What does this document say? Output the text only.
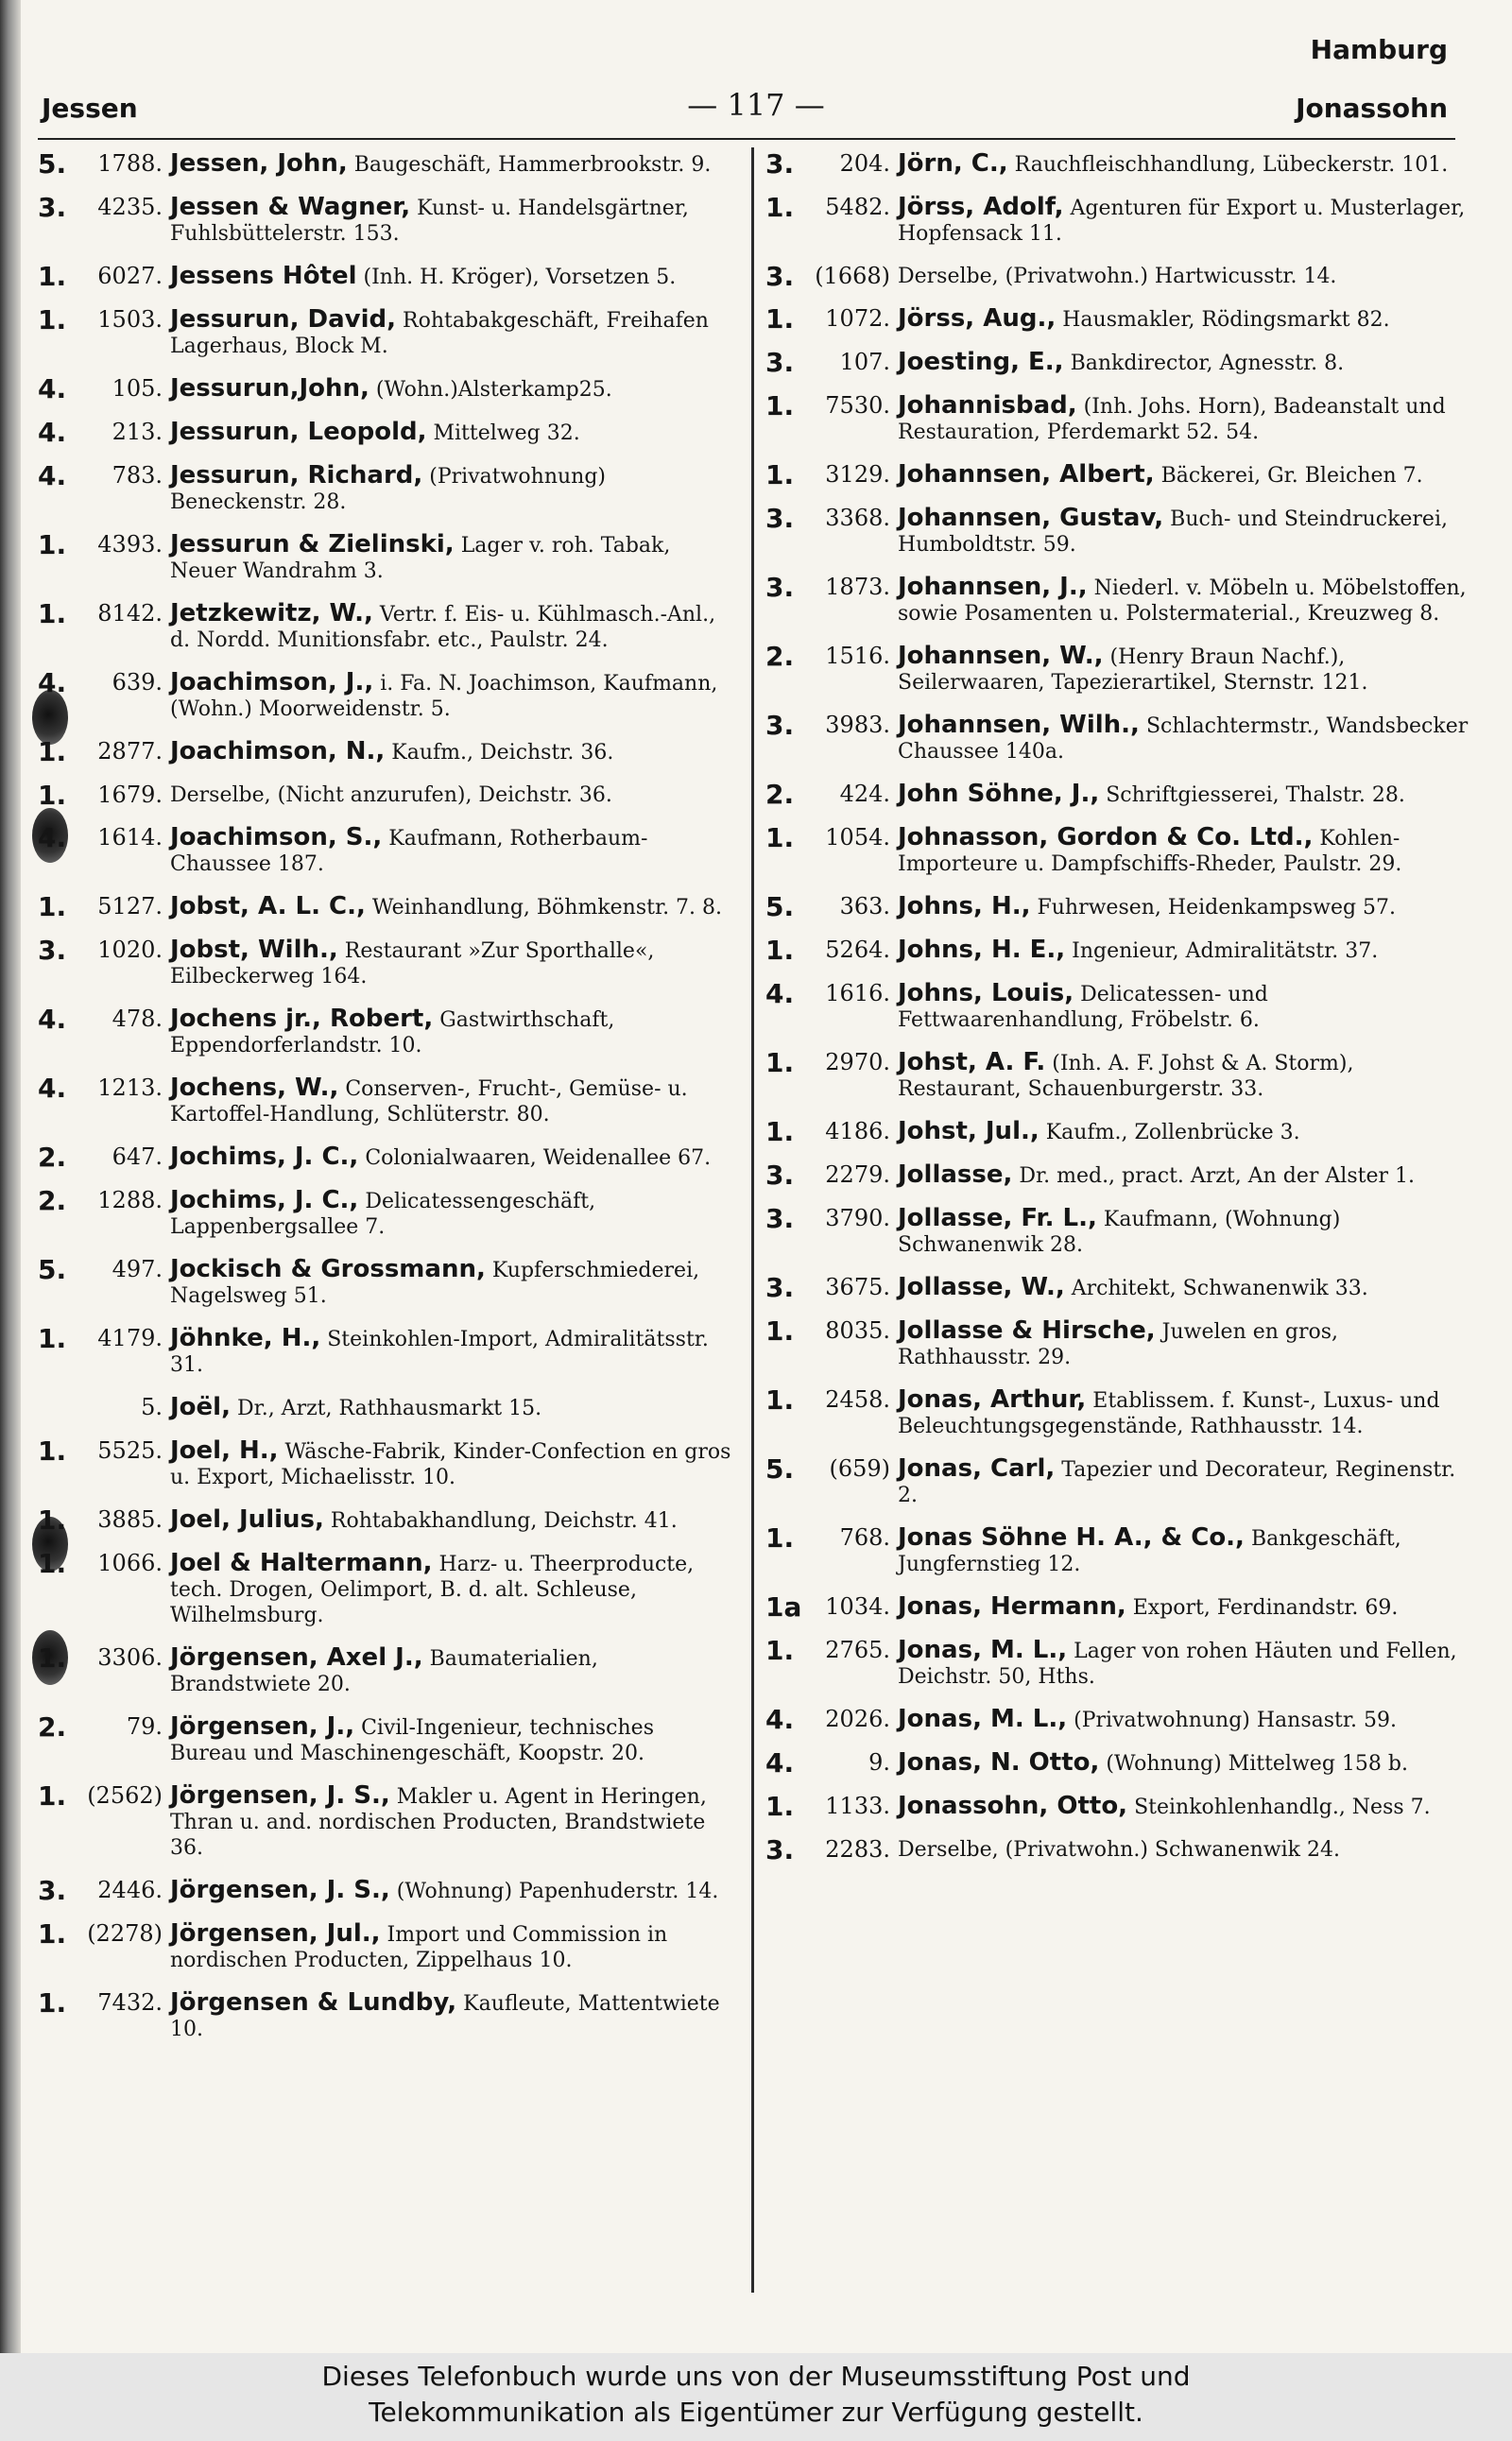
Hamburg
Jessen	— 117 —	Jonassohn
5.	1788. Jessen, John, Baugeschäft, Hammerbrookstr. 9.
3.	4235. Jessen & Wagner, Kunst- u. Handelsgärtner, Fuhlsbüttelerstr. 153.
1.	6027. Jessens Hôtel (Inh. H. Kröger), Vorsetzen 5.
1.	1503. Jessurun, David, Rohtabakgeschäft, Freihafen Lagerhaus, Block M.
4.	105. Jessurun,John, (Wohn.)Alsterkamp25.
4.	213. Jessurun, Leopold, Mittelweg 32.
4.	783. Jessurun, Richard, (Privatwohnung) Beneckenstr. 28.
1.	4393. Jessurun & Zielinski, Lager v. roh. Tabak, Neuer Wandrahm 3.
1.	8142. Jetzkewitz, W., Vertr. f. Eis- u. Kühlmasch.-Anl., d. Nordd. Munitionsfabr. etc., Paulstr. 24.
4.	639. Joachimson, J., i. Fa. N. Joachimson, Kaufmann, (Wohn.) Moorweidenstr. 5.
1.	2877. Joachimson, N., Kaufm., Deichstr. 36.
1.	1679. Derselbe, (Nicht anzurufen), Deichstr. 36.
4.	1614. Joachimson, S., Kaufmann, Rotherbaum-Chaussee 187.
1.	5127. Jobst, A. L. C., Weinhandlung, Böhmkenstr. 7. 8.
3.	1020. Jobst, Wilh., Restaurant »Zur Sporthalle«, Eilbeckerweg 164.
4.	478. Jochens jr., Robert, Gastwirthschaft, Eppendorferlandstr. 10.
4.	1213. Jochens, W., Conserven-, Frucht-, Gemüse- u. Kartoffel-Handlung, Schlüterstr. 80.
2.	647. Jochims, J. C., Colonialwaaren, Weidenallee 67.
2.	1288. Jochims, J. C., Delicatessengeschäft, Lappenbergsallee 7.
5.	497. Jockisch & Grossmann, Kupferschmiederei, Nagelsweg 51.
1.	4179. Jöhnke, H., Steinkohlen-Import, Admiralitätsstr. 31.
5. Joël, Dr., Arzt, Rathhausmarkt 15.
1.	5525. Joel, H., Wäsche-Fabrik, Kinder-Confection en gros u. Export, Michaelisstr. 10.
1.	3885. Joel, Julius, Rohtabakhandlung, Deichstr. 41.
1.	1066. Joel & Haltermann, Harz- u. Theerproducte, tech. Drogen, Oelimport, B. d. alt. Schleuse, Wilhelmsburg.
1.	3306. Jörgensen, Axel J., Baumaterialien, Brandstwiete 20.
2.	79. Jörgensen, J., Civil-Ingenieur, technisches Bureau und Maschinengeschäft, Koopstr. 20.
1. (2562) Jörgensen, J. S., Makler u. Agent in Heringen, Thran u. and. nordischen Producten, Brandstwiete 36.
3.	2446. Jörgensen, J. S., (Wohnung) Papenhuderstr. 14.
1. (2278) Jörgensen, Jul., Import und Commission in nordischen Producten, Zippelhaus 10.
1.	7432. Jörgensen & Lundby, Kaufleute, Mattentwiete 10.
3.	204. Jörn, C., Rauchfleischhandlung, Lübeckerstr. 101.
1.	5482. Jörss, Adolf, Agenturen für Export u. Musterlager, Hopfensack 11.
3. (1668) Derselbe, (Privatwohn.) Hartwicusstr. 14.
1.	1072. Jörss, Aug., Hausmakler, Rödingsmarkt 82.
3.	107. Joesting, E., Bankdirector, Agnesstr. 8.
1.	7530. Johannisbad, (Inh. Johs. Horn), Badeanstalt und Restauration, Pferdemarkt 52. 54.
1.	3129. Johannsen, Albert, Bäckerei, Gr. Bleichen 7.
3.	3368. Johannsen, Gustav, Buch- und Steindruckerei, Humboldtstr. 59.
3.	1873. Johannsen, J., Niederl. v. Möbeln u. Möbelstoffen, sowie Posamenten u. Polstermaterial., Kreuzweg 8.
2.	1516. Johannsen, W., (Henry Braun Nachf.), Seilerwaaren, Tapezierartikel, Sternstr. 121.
3.	3983. Johannsen, Wilh., Schlachtermstr., Wandsbecker Chaussee 140a.
2.	424. John Söhne, J., Schriftgiesserei, Thalstr. 28.
1.	1054. Johnasson, Gordon & Co. Ltd., Kohlen-Importeure u. Dampfschiffs-Rheder, Paulstr. 29.
5.	363. Johns, H., Fuhrwesen, Heidenkampsweg 57.
1.	5264. Johns, H. E., Ingenieur, Admiralitätstr. 37.
4.	1616. Johns, Louis, Delicatessen- und Fettwaarenhandlung, Fröbelstr. 6.
1.	2970. Johst, A. F. (Inh. A. F. Johst & A. Storm), Restaurant, Schauenburgerstr. 33.
1.	4186. Johst, Jul., Kaufm., Zollenbrücke 3.
3.	2279. Jollasse, Dr. med., pract. Arzt, An der Alster 1.
3.	3790. Jollasse, Fr. L., Kaufmann, (Wohnung) Schwanenwik 28.
3.	3675. Jollasse, W., Architekt, Schwanenwik 33.
1.	8035. Jollasse & Hirsche, Juwelen en gros, Rathhausstr. 29.
1.	2458. Jonas, Arthur, Etablissem. f. Kunst-, Luxus- und Beleuchtungsgegenstände, Rathhausstr. 14.
5.	(659) Jonas, Carl, Tapezier und Decorateur, Reginenstr. 2.
1.	768. Jonas Söhne H. A., & Co., Bankgeschäft, Jungfernstieg 12.
1a	1034. Jonas, Hermann, Export, Ferdinandstr. 69.
1.	2765. Jonas, M. L., Lager von rohen Häuten und Fellen, Deichstr. 50, Hths.
4.	2026. Jonas, M. L., (Privatwohnung) Hansastr. 59.
4.	9. Jonas, N. Otto, (Wohnung) Mittelweg 158 b.
1.	1133. Jonassohn, Otto, Steinkohlenhandlg., Ness 7.
3.	2283. Derselbe, (Privatwohn.) Schwanenwik 24.
Dieses Telefonbuch wurde uns von der Museumsstiftung Post und
Telekommunikation als Eigentümer zur Verfügung gestellt.
